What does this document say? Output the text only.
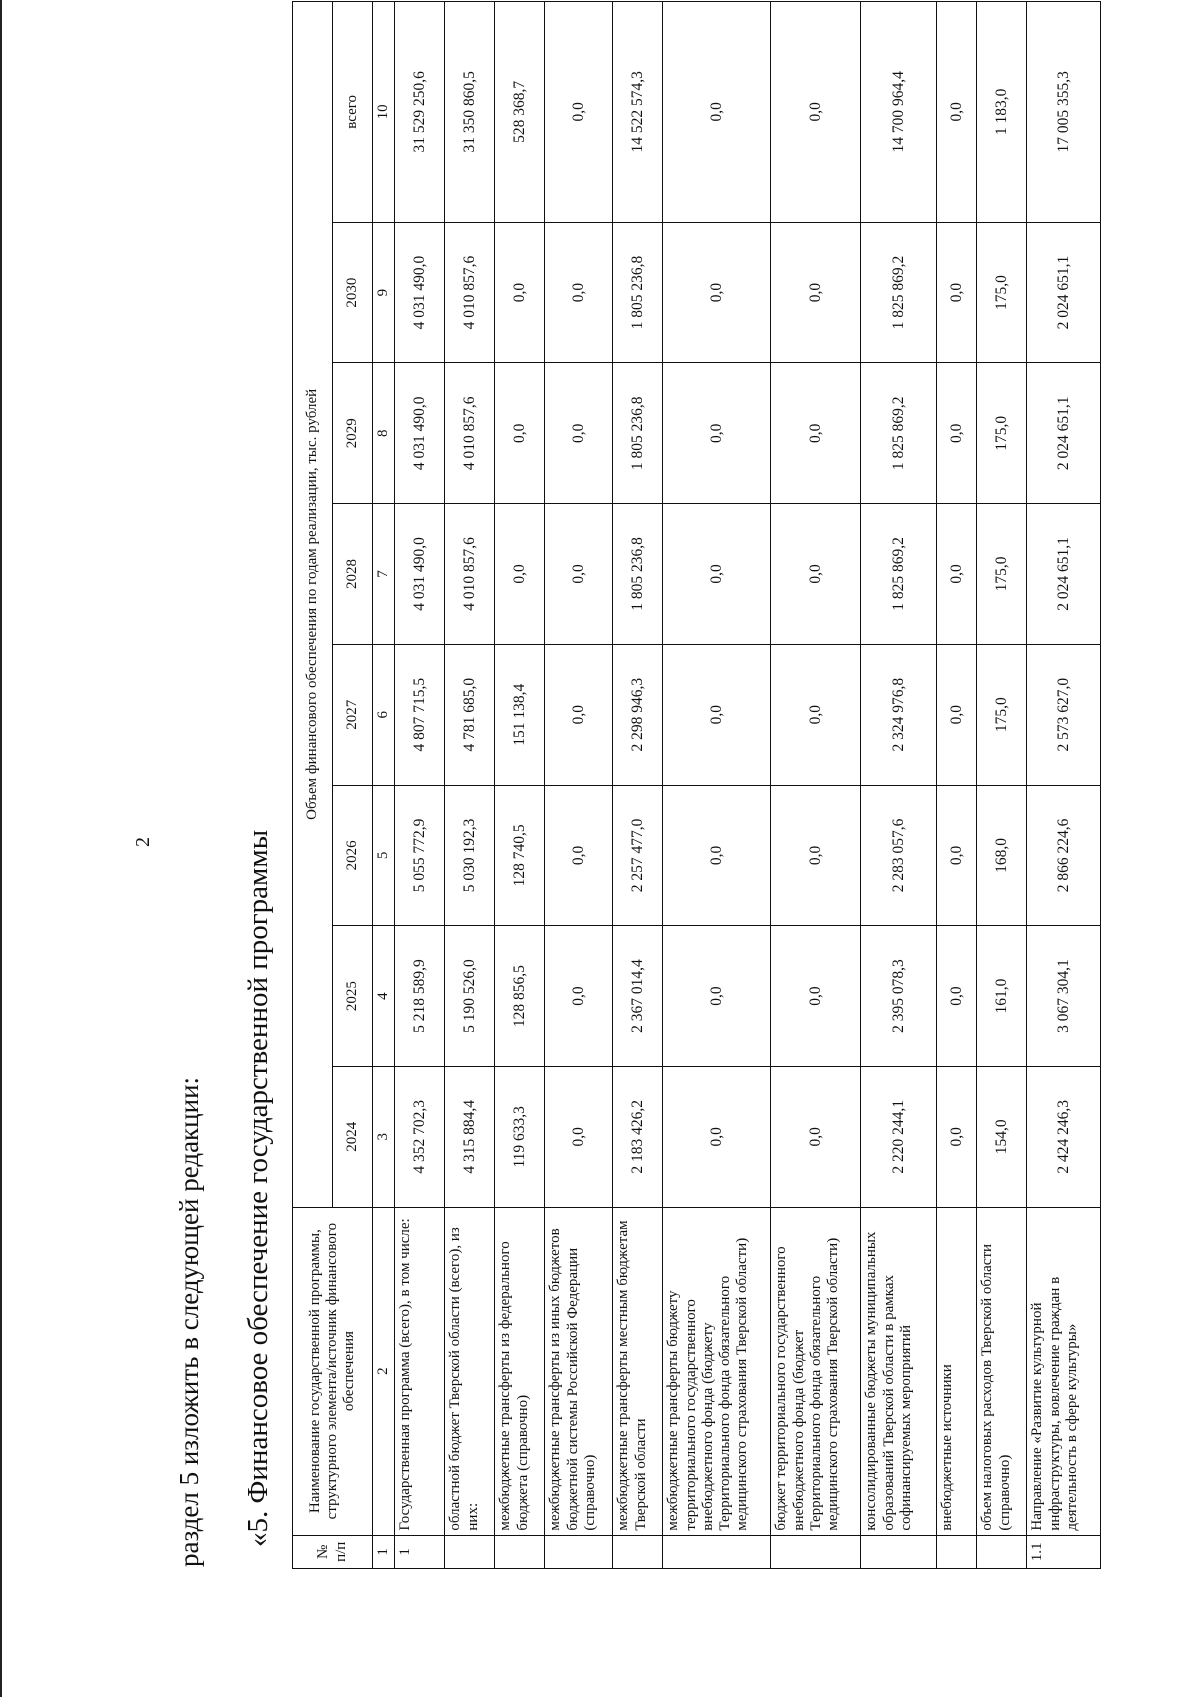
2
раздел 5 изложить в следующей редакции: «5. Финансовое обеспечение государственной программы
№ п/п	Наименование государственной программы, структурного элемента/источник финансового обеспечения	Объем финансового обеспечения по годам реализации, тыс. рублей							
		2024	2025	2026	2027	2028	2029	2030	всего
1	2	3	4	5	6	7	8	9	10
1	Государственная программа (всего), в том числе:	4 352 702,3	5 218 589,9	5 055 772,9	4 807 715,5	4 031 490,0	4 031 490,0	4 031 490,0	31 529 250,6
	областной бюджет Тверской области (всего), из них:	4 315 884,4	5 190 526,0	5 030 192,3	4 781 685,0	4 010 857,6	4 010 857,6	4 010 857,6	31 350 860,5
	межбюджетные трансферты из федерального бюджета (справочно)	119 633,3	128 856,5	128 740,5	151 138,4	0,0	0,0	0,0	528 368,7
	межбюджетные трансферты из иных бюджетов бюджетной системы Российской Федерации (справочно)	0,0	0,0	0,0	0,0	0,0	0,0	0,0	0,0
	межбюджетные трансферты местным бюджетам Тверской области	2 183 426,2	2 367 014,4	2 257 477,0	2 298 946,3	1 805 236,8	1 805 236,8	1 805 236,8	14 522 574,3
	межбюджетные трансферты бюджету территориального государственного внебюджетного фонда (бюджету Территориального фонда обязательного медицинского страхования Тверской области)	0,0	0,0	0,0	0,0	0,0	0,0	0,0	0,0
	бюджет территориального государственного внебюджетного фонда (бюджет Территориального фонда обязательного медицинского страхования Тверской области)	0,0	0,0	0,0	0,0	0,0	0,0	0,0	0,0
	консолидированные бюджеты муниципальных образований Тверской области в рамках софинансируемых мероприятий	2 220 244,1	2 395 078,3	2 283 057,6	2 324 976,8	1 825 869,2	1 825 869,2	1 825 869,2	14 700 964,4
	внебюджетные источники	0,0	0,0	0,0	0,0	0,0	0,0	0,0	0,0
	объем налоговых расходов Тверской области (справочно)	154,0	161,0	168,0	175,0	175,0	175,0	175,0	1 183,0
1.1	Направление «Развитие культурной инфраструктуры, вовлечение граждан в деятельность в сфере культуры»	2 424 246,3	3 067 304,1	2 866 224,6	2 573 627,0	2 024 651,1	2 024 651,1	2 024 651,1	17 005 355,3
